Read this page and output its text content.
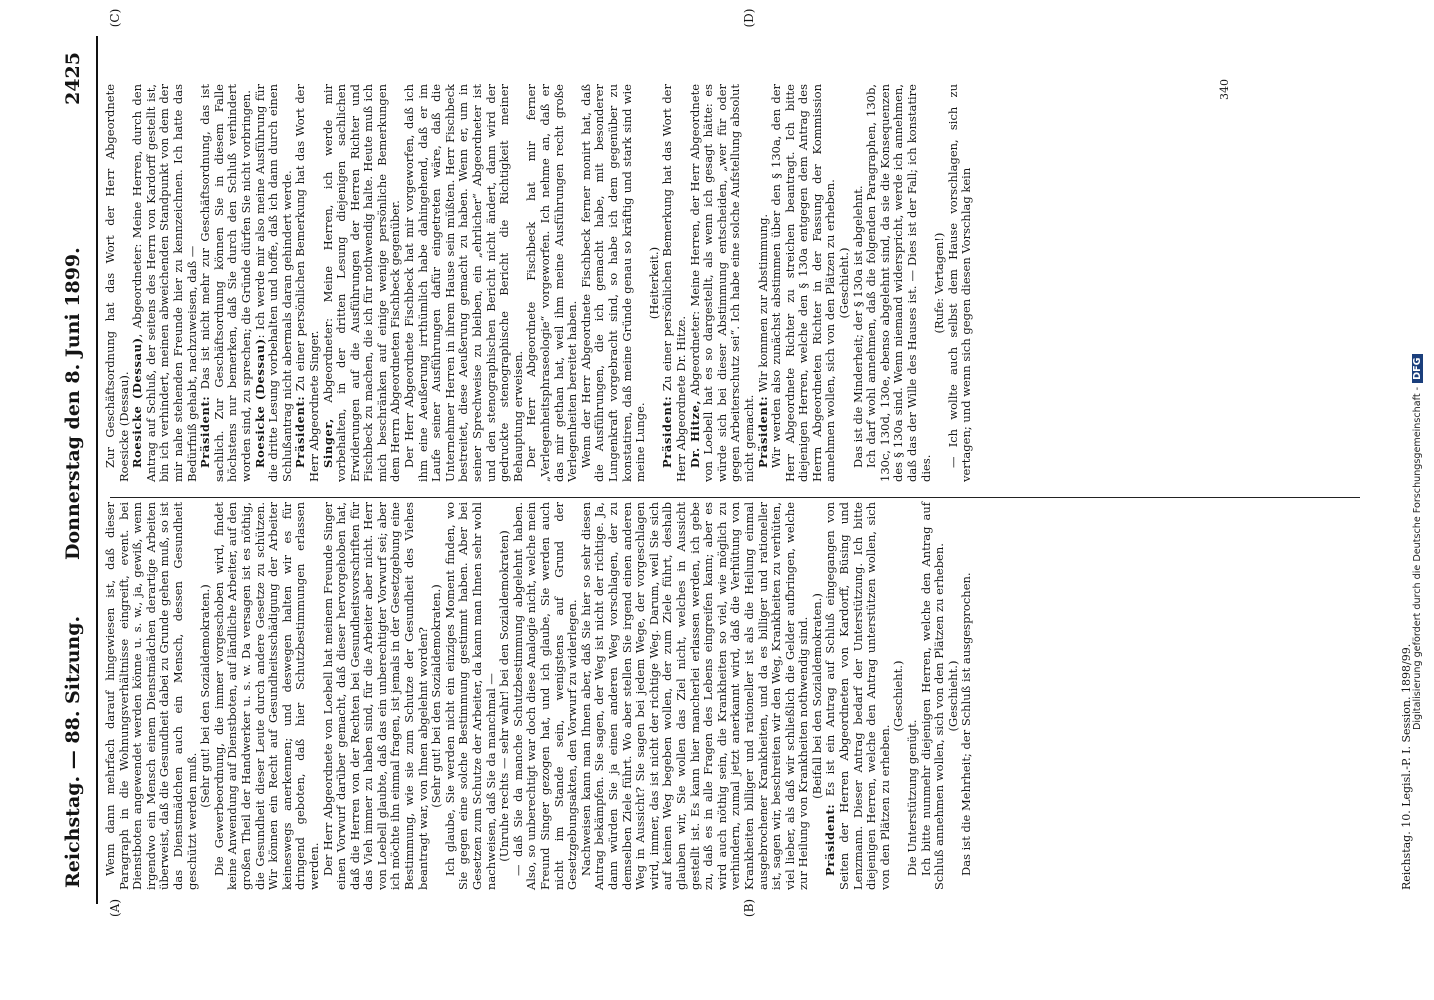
Reichstag. — 88. Sitzung.
Donnerstag den 8. Juni 1899.
2425
(A)	(B)
(C)	(D)

Wenn dann mehrfach darauf hingewiesen ist, daß dieser Paragraph in die Wohnungsverhältnisse eingreift, event. bei Dienstboten angewendet werden könne u. s. w., ja, gewiß, wenn irgendwo ein Mensch einem Dienstmädchen derartige Arbeiten überweist, daß die Gesundheit dabei zu Grunde gehen muß, so ist das Dienstmädchen auch ein Mensch, dessen Gesundheit geschützt werden muß.

(Sehr gut! bei den Sozialdemokraten.) Die Gewerbeordnung, die immer vorgeschoben wird, findet keine Anwendung auf Dienstboten, auf ländliche Arbeiter, auf den großen Theil der Handwerker u. s. w. Da versagen ist es nöthig, die Gesundheit dieser Leute durch andere Gesetze zu schützen. Wir können ein Recht auf Gesundheitsschädigung der Arbeiter keineswegs anerkennen; und deswegen halten wir es für dringend geboten, daß hier Schutzbestimmungen erlassen werden. Der Herr Abgeordnete von Loebell hat meinem Freunde Singer einen Vorwurf darüber gemacht, daß dieser hervorgehoben hat, daß die Herren von der Rechten bei Gesundheitsvorschriften für das Vieh immer zu haben sind, für die Arbeiter aber nicht. Herr von Loebell glaubte, daß das ein unberechtigter Vorwurf sei; aber ich möchte ihn einmal fragen, ist jemals in der Gesetzgebung eine Bestimmung, wie sie zum Schutze der Gesundheit des Viehes beantragt war, von Ihnen abgelehnt worden? (Sehr gut! bei den Sozialdemokraten.) Ich glaube, Sie werden nicht ein einziges Moment finden, wo Sie gegen eine solche Bestimmung gestimmt haben. Aber bei Gesetzen zum Schutze der Arbeiter, da kann man Ihnen sehr wohl nachweisen, daß Sie da manchmal — (Unruhe rechts — sehr wahr! bei den Sozialdemokraten) — daß Sie da manche Schutzbestimmung abgelehnt haben. Also, so unberechtigt war doch diese Analogie nicht, welche mein Freund Singer gezogen hat, und ich glaube, Sie werden auch nicht im Stande sein, wenigstens auf Grund der Gesetzgebungsakten, den Vorwurf zu widerlegen. Nachweisen kann man Ihnen aber, daß Sie hier so sehr diesen Antrag bekämpfen. Sie sagen, der Weg ist nicht der richtige. Ja, dann würden Sie ja einen anderen Weg vorschlagen, der zu demselben Ziele führt. Wo aber stellen Sie irgend einen anderen Weg in Aussicht? Sie sagen bei jedem Wege, der vorgeschlagen wird, immer, das ist nicht der richtige Weg. Darum, weil Sie sich auf keinen Weg begeben wollen, der zum Ziele führt, deshalb glauben wir, Sie wollen das Ziel nicht, welches in Aussicht gestellt ist. Es kann hier mancherlei erlassen werden, ich gebe zu, daß es in alle Fragen des Lebens eingreifen kann; aber es wird auch nöthig sein, die Krankheiten so viel, wie möglich zu verhindern, zumal jetzt anerkannt wird, daß die Verhütung von Krankheiten billiger und rationeller ist als die Heilung einmal ausgebrochener Krankheiten, und da es billiger und rationeller ist, sagen wir, beschreiten wir den Weg, Krankheiten zu verhüten, viel lieber, als daß wir schließlich die Gelder aufbringen, welche zur Heilung von Krankheiten nothwendig sind. (Beifall bei den Sozialdemokraten.)

Präsident: Es ist ein Antrag auf Schluß eingegangen von Seiten der Herren Abgeordneten von Kardorff, Büsing und Lenzmann. Dieser Antrag bedarf der Unterstützung. Ich bitte diejenigen Herren, welche den Antrag unterstützen wollen, sich von den Plätzen zu erheben.

(Geschieht.)

Die Unterstützung genügt. Ich bitte nunmehr diejenigen Herren, welche den Antrag auf Schluß annehmen wollen, sich von den Plätzen zu erheben. (Geschieht.) Das ist die Mehrheit; der Schluß ist ausgesprochen.

Zur Geschäftsordnung hat das Wort der Herr Abgeordnete Roesicke (Dessau). Roesicke (Dessau), Abgeordneter: Meine Herren, durch den Antrag auf Schluß, der seitens des Herrn von Kardorff gestellt ist, bin ich verhindert, meinen abweichenden Standpunkt von dem der mir nahe stehenden Freunde hier zu kennzeichnen. Ich hatte das Bedürfniß gehabt, nachzuweisen, daß — Präsident: Das ist nicht mehr zur Geschäftsordnung, das ist sachlich. Zur Geschäftsordnung können Sie in diesem Falle höchstens nur bemerken, daß Sie durch den Schluß verhindert worden sind, zu sprechen; die Gründe dürfen Sie nicht vorbringen. Roesicke (Dessau): Ich werde mir also meine Ausführung für die dritte Lesung vorbehalten und hoffe, daß ich dann durch einen Schlußantrag nicht abermals daran gehindert werde. Präsident: Zu einer persönlichen Bemerkung hat das Wort der Herr Abgeordnete Singer. Singer, Abgeordneter: Meine Herren, ich werde mir vorbehalten, in der dritten Lesung diejenigen sachlichen Erwiderungen auf die Ausführungen der Herren Richter und Fischbeck zu machen, die ich für nothwendig halte. Heute muß ich mich beschränken auf einige wenige persönliche Bemerkungen dem Herrn Abgeordneten Fischbeck gegenüber. Der Herr Abgeordnete Fischbeck hat mir vorgeworfen, daß ich ihm eine Aeußerung irrthümlich habe dahingehend, daß er im Laufe seiner Ausführungen dafür eingetreten wäre, daß die Unternehmer Herren in ihrem Hause sein müßten. Herr Fischbeck bestreitet, diese Aeußerung gemacht zu haben. Wenn er, um in seiner Sprechweise zu bleiben, ein „ehrlicher“ Abgeordneter ist und den stenographischen Bericht nicht ändert, dann wird der gedruckte stenographische Bericht die Richtigkeit meiner Behauptung erweisen. Der Herr Abgeordnete Fischbeck hat mir ferner „Verlegenheitsphraseologie“ vorgeworfen. Ich nehme an, daß er das mir gethan hat, weil ihm meine Ausführungen recht große Verlegenheiten bereitet haben. Wenn der Herr Abgeordnete Fischbeck ferner monirt hat, daß die Ausführungen, die ich gemacht habe, mit besonderer Lungenkraft vorgebracht sind, so habe ich dem gegenüber zu konstatiren, daß meine Gründe genau so kräftig und stark sind wie meine Lunge.

(Heiterkeit.)

Präsident: Zu einer persönlichen Bemerkung hat das Wort der Herr Abgeordnete Dr. Hitze. Dr. Hitze, Abgeordneter: Meine Herren, der Herr Abgeordnete von Loebell hat es so dargestellt, als wenn ich gesagt hätte: es würde sich bei dieser Abstimmung entscheiden, „wer für oder gegen Arbeiterschutz sei“. Ich habe eine solche Aufstellung absolut nicht gemacht. Präsident: Wir kommen zur Abstimmung. Wir werden also zunächst abstimmen über den § 130a, den der Herr Abgeordnete Richter zu streichen beantragt. Ich bitte diejenigen Herren, welche den § 130a entgegen dem Antrag des Herrn Abgeordneten Richter in der Fassung der Kommission annehmen wollen, sich von den Plätzen zu erheben. (Geschieht.) Das ist die Minderheit; der § 130a ist abgelehnt. Ich darf wohl annehmen, daß die folgenden Paragraphen, 130b, 130c, 130d, 130e, ebenso abgelehnt sind, da sie die Konsequenzen des § 130a sind. Wenn niemand widerspricht, werde ich annehmen, daß das der Wille des Hauses ist. — Dies ist der Fall; ich konstatire dies.

(Rufe: Vertagen!) — Ich wollte auch selbst dem Hause vorschlagen, sich zu vertagen; und wenn sich gegen diesen Vorschlag kein

340
Reichstag. 10. Legisl.-P. I. Session. 1898/99.
Digitalisierung gefördert durch die Deutsche Forschungsgemeinschaft -DFG
